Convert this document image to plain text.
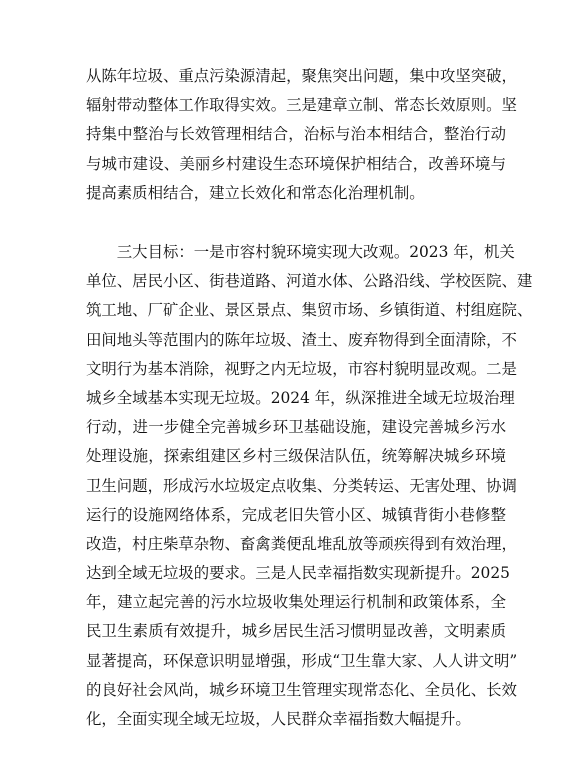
从陈年垃圾、重点污染源清起，聚焦突出问题，集中攻坚突破，
辐射带动整体工作取得实效。三是建章立制、常态长效原则。坚
持集中整治与长效管理相结合，治标与治本相结合，整治行动
与城市建设、美丽乡村建设生态环境保护相结合，改善环境与
提高素质相结合，建立长效化和常态化治理机制。
　　三大目标：一是市容村貌环境实现大改观。2023 年，机关
单位、居民小区、街巷道路、河道水体、公路沿线、学校医院、建
筑工地、厂矿企业、景区景点、集贸市场、乡镇街道、村组庭院、
田间地头等范围内的陈年垃圾、渣土、废弃物得到全面清除，不
文明行为基本消除，视野之内无垃圾，市容村貌明显改观。二是
城乡全域基本实现无垃圾。2024 年，纵深推进全域无垃圾治理
行动，进一步健全完善城乡环卫基础设施，建设完善城乡污水
处理设施，探索组建区乡村三级保洁队伍，统筹解决城乡环境
卫生问题，形成污水垃圾定点收集、分类转运、无害处理、协调
运行的设施网络体系，完成老旧失管小区、城镇背街小巷修整
改造，村庄柴草杂物、畜禽粪便乱堆乱放等顽疾得到有效治理，
达到全域无垃圾的要求。三是人民幸福指数实现新提升。2025
年，建立起完善的污水垃圾收集处理运行机制和政策体系，全
民卫生素质有效提升，城乡居民生活习惯明显改善，文明素质
显著提高，环保意识明显增强，形成“卫生靠大家、人人讲文明”
的良好社会风尚，城乡环境卫生管理实现常态化、全员化、长效
化，全面实现全域无垃圾，人民群众幸福指数大幅提升。
